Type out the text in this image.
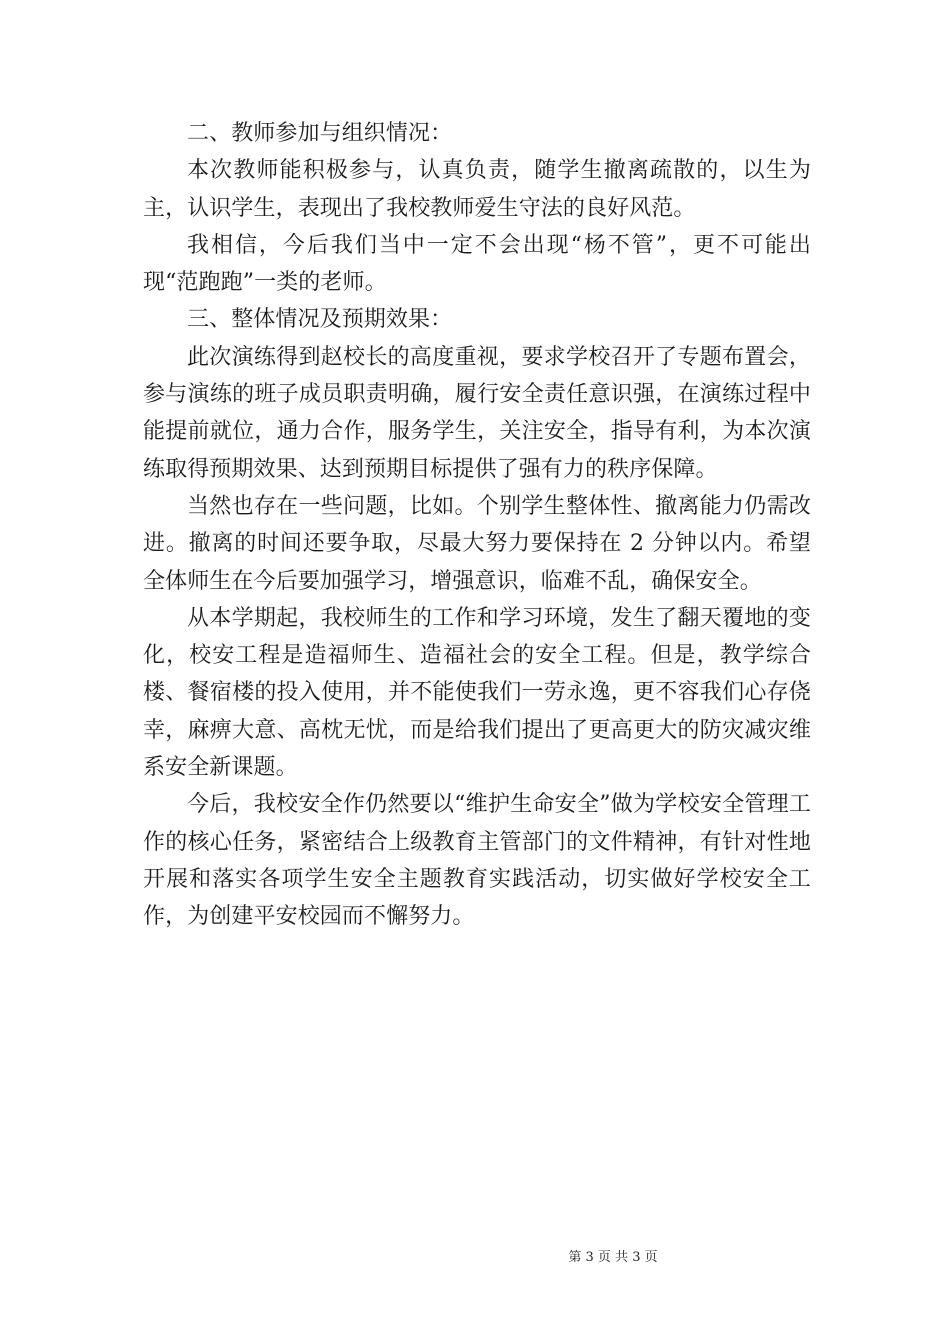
二、教师参加与组织情况：

本次教师能积极参与，认真负责，随学生撤离疏散的，以生为主，认识学生，表现出了我校教师爱生守法的良好风范。

我相信，今后我们当中一定不会出现“杨不管”，更不可能出现“范跑跑”一类的老师。

三、整体情况及预期效果：

此次演练得到赵校长的高度重视，要求学校召开了专题布置会，参与演练的班子成员职责明确，履行安全责任意识强，在演练过程中能提前就位，通力合作，服务学生，关注安全，指导有利，为本次演练取得预期效果、达到预期目标提供了强有力的秩序保障。

当然也存在一些问题，比如。个别学生整体性、撤离能力仍需改进。撤离的时间还要争取，尽最大努力要保持在 2 分钟以内。希望全体师生在今后要加强学习，增强意识，临难不乱，确保安全。

从本学期起，我校师生的工作和学习环境，发生了翻天覆地的变化，校安工程是造福师生、造福社会的安全工程。但是，教学综合楼、餐宿楼的投入使用，并不能使我们一劳永逸，更不容我们心存侥幸，麻痹大意、高枕无忧，而是给我们提出了更高更大的防灾减灾维系安全新课题。

今后，我校安全作仍然要以“维护生命安全”做为学校安全管理工作的核心任务，紧密结合上级教育主管部门的文件精神，有针对性地开展和落实各项学生安全主题教育实践活动，切实做好学校安全工作，为创建平安校园而不懈努力。

第 3 页 共 3 页
